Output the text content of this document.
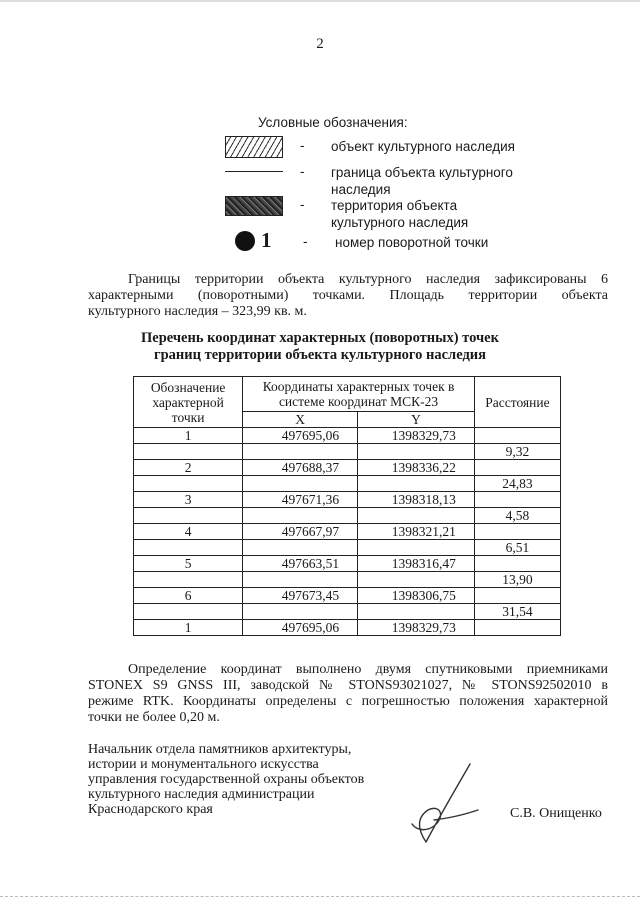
2
Условные обозначения:
- объект культурного наследия
- граница объекта культурного
наследия
- территория объекта
культурного наследия
1 - номер поворотной точки
Границы территории объекта культурного наследия зафиксированы 6
характерными (поворотными) точками. Площадь территории объекта
культурного наследия – 323,99 кв. м.
Перечень координат характерных (поворотных) точек
границ территории объекта культурного наследия
Обозначение характерной точки	Координаты характерных точек в системе координат МСК-23		Расстояние
	X	Y	
1	497695,06	1398329,73	
			9,32
2	497688,37	1398336,22	
			24,83
3	497671,36	1398318,13	
			4,58
4	497667,97	1398321,21	
			6,51
5	497663,51	1398316,47	
			13,90
6	497673,45	1398306,75	
			31,54
1	497695,06	1398329,73	
Определение координат выполнено двумя спутниковыми приемниками
STONEX S9 GNSS III, заводской № STONS93021027, № STONS92502010 в
режиме RTK. Координаты определены с погрешностью положения характерной
точки не более 0,20 м.
Начальник отдела памятников архитектуры,
истории и монументального искусства
управления государственной охраны объектов
культурного наследия администрации
Краснодарского края	С.В. Онищенко
